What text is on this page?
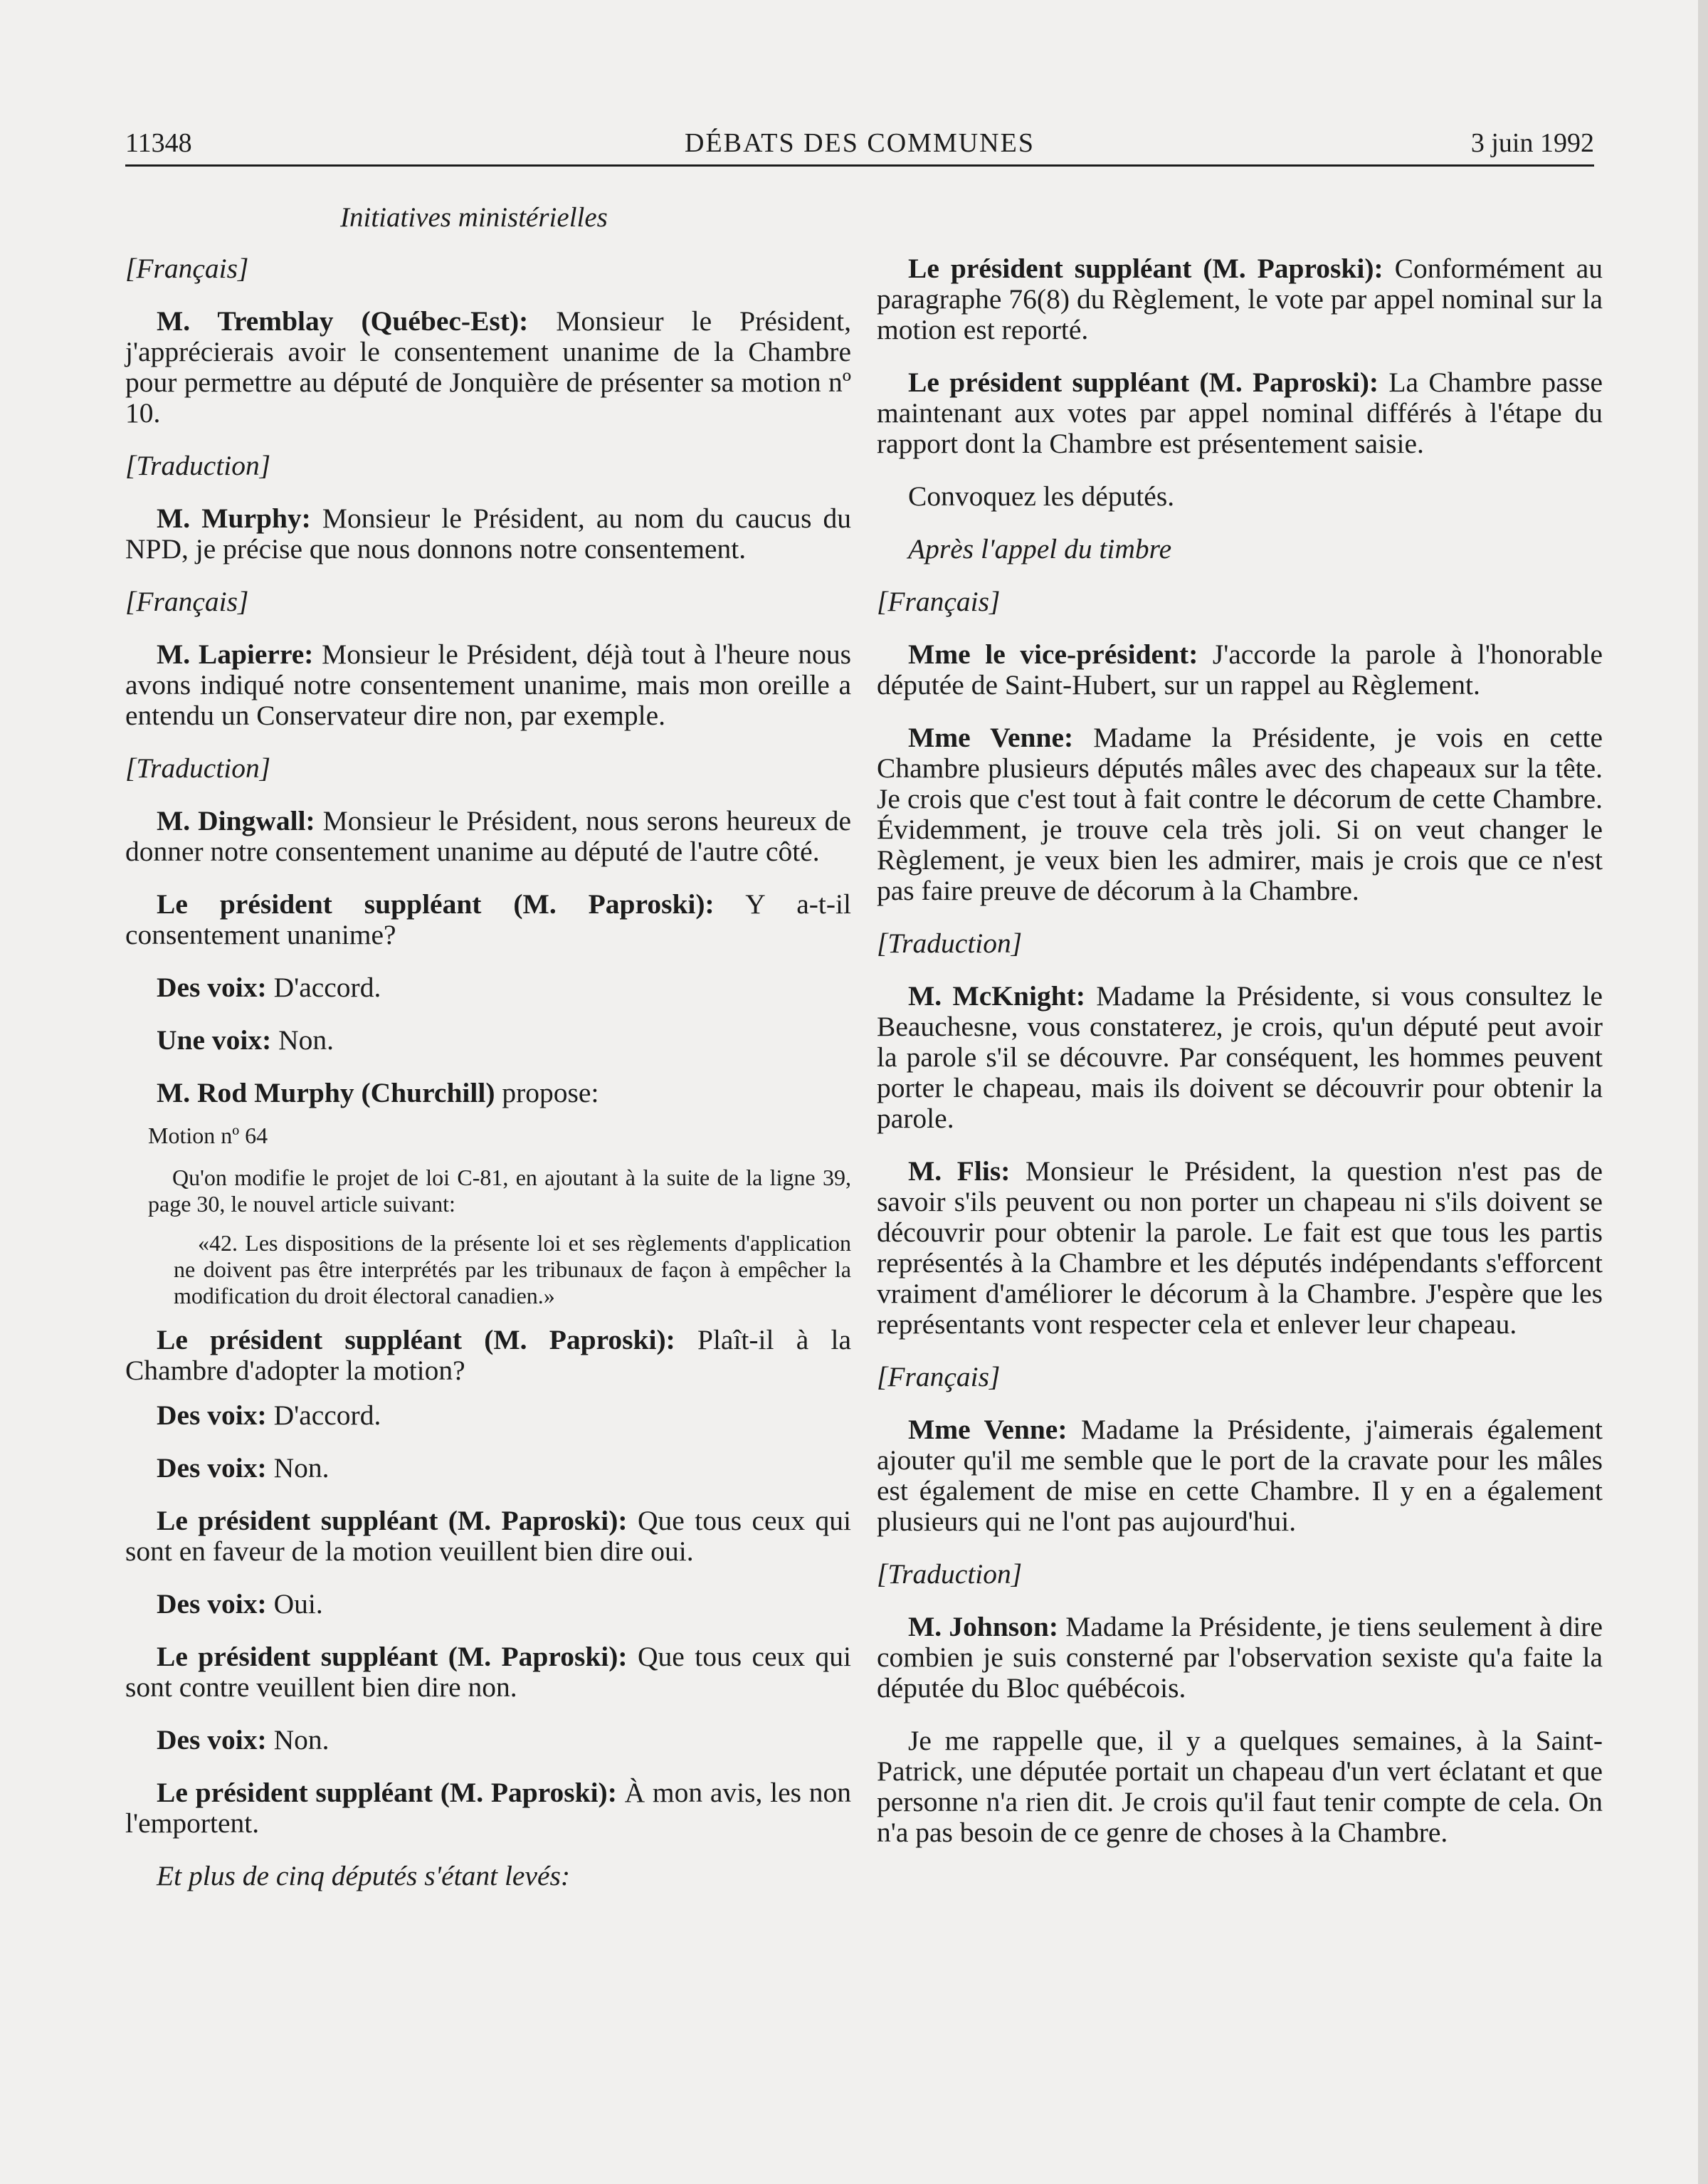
11348	DÉBATS DES COMMUNES	3 juin 1992
Initiatives ministérielles

[Français]

M. Tremblay (Québec-Est): Monsieur le Président, j'apprécierais avoir le consentement unanime de la Chambre pour permettre au député de Jonquière de présenter sa motion nº 10.

[Traduction]

M. Murphy: Monsieur le Président, au nom du caucus du NPD, je précise que nous donnons notre consentement.

[Français]

M. Lapierre: Monsieur le Président, déjà tout à l'heure nous avons indiqué notre consentement unanime, mais mon oreille a entendu un Conservateur dire non, par exemple.

[Traduction]

M. Dingwall: Monsieur le Président, nous serons heureux de donner notre consentement unanime au député de l'autre côté.

Le président suppléant (M. Paproski): Y a-t-il consentement unanime?

Des voix: D'accord.

Une voix: Non.

M. Rod Murphy (Churchill) propose:

Motion nº 64

Qu'on modifie le projet de loi C-81, en ajoutant à la suite de la ligne 39, page 30, le nouvel article suivant:

«42. Les dispositions de la présente loi et ses règlements d'application ne doivent pas être interprétés par les tribunaux de façon à empêcher la modification du droit électoral canadien.»

Le président suppléant (M. Paproski): Plaît-il à la Chambre d'adopter la motion?

Des voix: D'accord.

Des voix: Non.

Le président suppléant (M. Paproski): Que tous ceux qui sont en faveur de la motion veuillent bien dire oui.

Des voix: Oui.

Le président suppléant (M. Paproski): Que tous ceux qui sont contre veuillent bien dire non.

Des voix: Non.

Le président suppléant (M. Paproski): À mon avis, les non l'emportent.

Et plus de cinq députés s'étant levés:

Le président suppléant (M. Paproski): Conformément au paragraphe 76(8) du Règlement, le vote par appel nominal sur la motion est reporté.

Le président suppléant (M. Paproski): La Chambre passe maintenant aux votes par appel nominal différés à l'étape du rapport dont la Chambre est présentement saisie.

Convoquez les députés.

Après l'appel du timbre

[Français]

Mme le vice-président: J'accorde la parole à l'honorable députée de Saint-Hubert, sur un rappel au Règlement.

Mme Venne: Madame la Présidente, je vois en cette Chambre plusieurs députés mâles avec des chapeaux sur la tête. Je crois que c'est tout à fait contre le décorum de cette Chambre. Évidemment, je trouve cela très joli. Si on veut changer le Règlement, je veux bien les admirer, mais je crois que ce n'est pas faire preuve de décorum à la Chambre.

[Traduction]

M. McKnight: Madame la Présidente, si vous consultez le Beauchesne, vous constaterez, je crois, qu'un député peut avoir la parole s'il se découvre. Par conséquent, les hommes peuvent porter le chapeau, mais ils doivent se découvrir pour obtenir la parole.

M. Flis: Monsieur le Président, la question n'est pas de savoir s'ils peuvent ou non porter un chapeau ni s'ils doivent se découvrir pour obtenir la parole. Le fait est que tous les partis représentés à la Chambre et les députés indépendants s'efforcent vraiment d'améliorer le décorum à la Chambre. J'espère que les représentants vont respecter cela et enlever leur chapeau.

[Français]

Mme Venne: Madame la Présidente, j'aimerais également ajouter qu'il me semble que le port de la cravate pour les mâles est également de mise en cette Chambre. Il y en a également plusieurs qui ne l'ont pas aujourd'hui.

[Traduction]

M. Johnson: Madame la Présidente, je tiens seulement à dire combien je suis consterné par l'observation sexiste qu'a faite la députée du Bloc québécois.

Je me rappelle que, il y a quelques semaines, à la Saint-Patrick, une députée portait un chapeau d'un vert éclatant et que personne n'a rien dit. Je crois qu'il faut tenir compte de cela. On n'a pas besoin de ce genre de choses à la Chambre.
